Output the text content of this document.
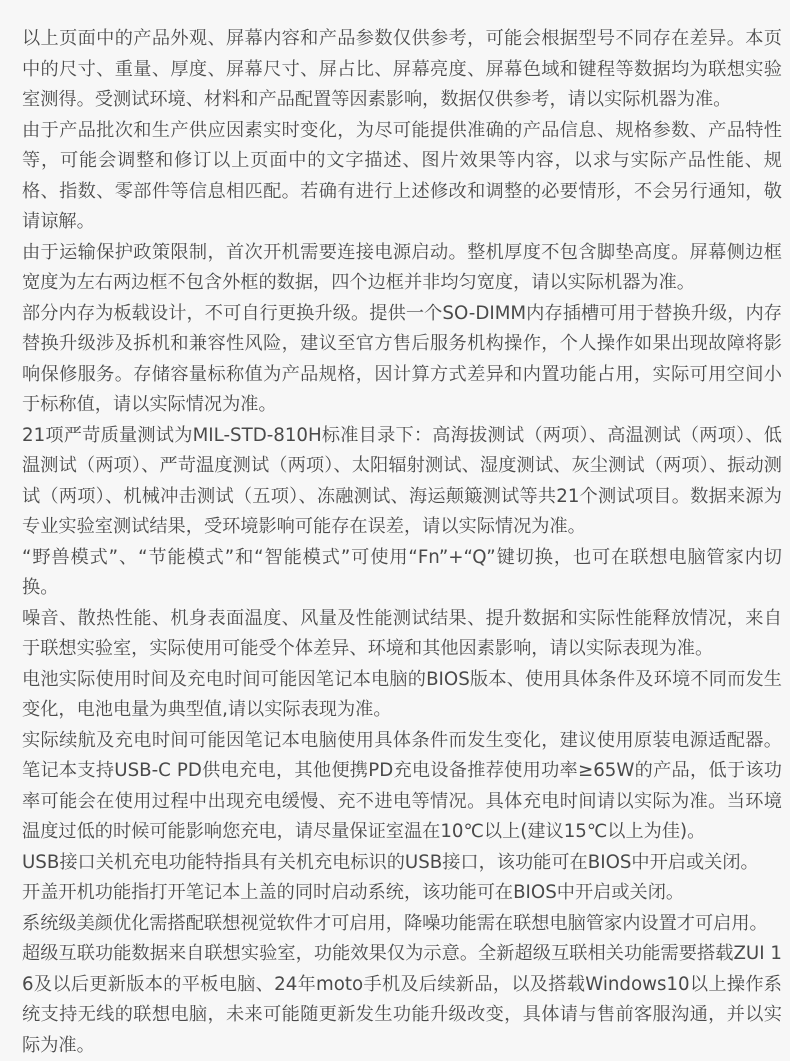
以上页面中的产品外观、屏幕内容和产品参数仅供参考，可能会根据型号不同存在差异。本页中的尺寸、重量、厚度、屏幕尺寸、屏占比、屏幕亮度、屏幕色域和键程等数据均为联想实验室测得。受测试环境、材料和产品配置等因素影响，数据仅供参考，请以实际机器为准。

由于产品批次和生产供应因素实时变化，为尽可能提供准确的产品信息、规格参数、产品特性等，可能会调整和修订以上页面中的文字描述、图片效果等内容，以求与实际产品性能、规格、指数、零部件等信息相匹配。若确有进行上述修改和调整的必要情形，不会另行通知，敬请谅解。

由于运输保护政策限制，首次开机需要连接电源启动。整机厚度不包含脚垫高度。屏幕侧边框宽度为左右两边框不包含外框的数据，四个边框并非均匀宽度，请以实际机器为准。

部分内存为板载设计，不可自行更换升级。提供一个SO-DIMM内存插槽可用于替换升级，内存替换升级涉及拆机和兼容性风险，建议至官方售后服务机构操作，个人操作如果出现故障将影响保修服务。存储容量标称值为产品规格，因计算方式差异和内置功能占用，实际可用空间小于标称值，请以实际情况为准。

21项严苛质量测试为MIL-STD-810H标准目录下：高海拔测试（两项）、高温测试（两项）、低温测试（两项）、严苛温度测试（两项）、太阳辐射测试、湿度测试、灰尘测试（两项）、振动测试（两项）、机械冲击测试（五项）、冻融测试、海运颠簸测试等共21个测试项目。数据来源为专业实验室测试结果，受环境影响可能存在误差，请以实际情况为准。

“野兽模式”、“节能模式”和“智能模式”可使用“Fn”+“Q”键切换，也可在联想电脑管家内切换。

噪音、散热性能、机身表面温度、风量及性能测试结果、提升数据和实际性能释放情况，来自于联想实验室，实际使用可能受个体差异、环境和其他因素影响，请以实际表现为准。

电池实际使用时间及充电时间可能因笔记本电脑的BIOS版本、使用具体条件及环境不同而发生变化，电池电量为典型值,请以实际表现为准。

实际续航及充电时间可能因笔记本电脑使用具体条件而发生变化，建议使用原装电源适配器。笔记本支持USB-C PD供电充电，其他便携PD充电设备推荐使用功率≥65W的产品，低于该功率可能会在使用过程中出现充电缓慢、充不进电等情况。具体充电时间请以实际为准。当环境温度过低的时候可能影响您充电，请尽量保证室温在10℃以上(建议15℃以上为佳)。

USB接口关机充电功能特指具有关机充电标识的USB接口，该功能可在BIOS中开启或关闭。

开盖开机功能指打开笔记本上盖的同时启动系统，该功能可在BIOS中开启或关闭。

系统级美颜优化需搭配联想视觉软件才可启用，降噪功能需在联想电脑管家内设置才可启用。

超级互联功能数据来自联想实验室，功能效果仅为示意。全新超级互联相关功能需要搭载ZUI 16及以后更新版本的平板电脑、24年moto手机及后续新品，以及搭载Windows10以上操作系统支持无线的联想电脑，未来可能随更新发生功能升级改变，具体请与售前客服沟通，并以实际为准。
